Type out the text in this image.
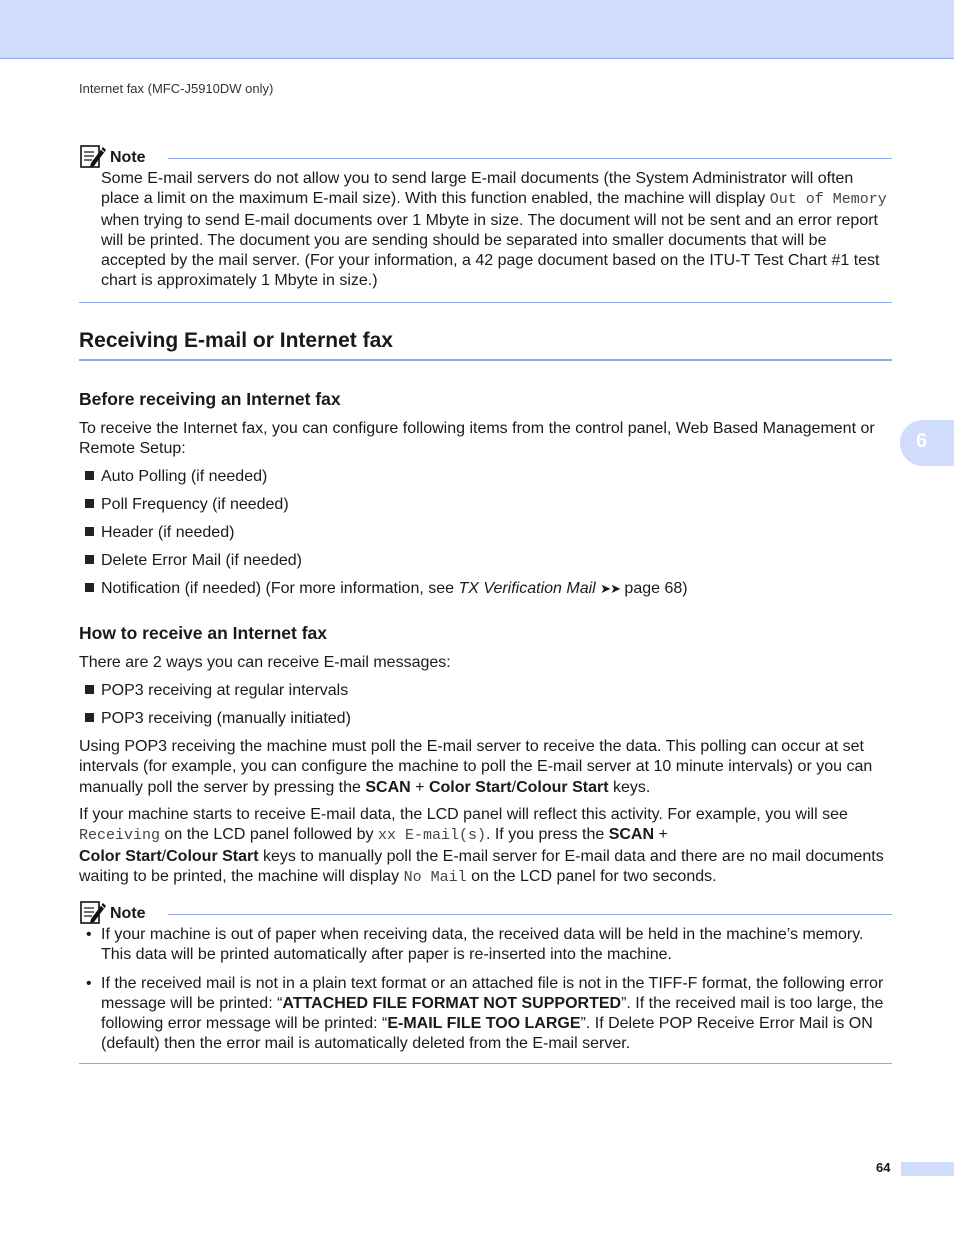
Internet fax (MFC-J5910DW only)
Note
Some E-mail servers do not allow you to send large E-mail documents (the System Administrator will often place a limit on the maximum E-mail size). With this function enabled, the machine will display Out of Memory when trying to send E-mail documents over 1 Mbyte in size. The document will not be sent and an error report will be printed. The document you are sending should be separated into smaller documents that will be accepted by the mail server. (For your information, a 42 page document based on the ITU-T Test Chart #1 test chart is approximately 1 Mbyte in size.)
Receiving E-mail or Internet fax
Before receiving an Internet fax
To receive the Internet fax, you can configure following items from the control panel, Web Based Management or Remote Setup:
Auto Polling (if needed)
Poll Frequency (if needed)
Header (if needed)
Delete Error Mail (if needed)
Notification (if needed) (For more information, see TX Verification Mail ➤➤ page 68)
How to receive an Internet fax
There are 2 ways you can receive E-mail messages:
POP3 receiving at regular intervals
POP3 receiving (manually initiated)
Using POP3 receiving the machine must poll the E-mail server to receive the data. This polling can occur at set intervals (for example, you can configure the machine to poll the E-mail server at 10 minute intervals) or you can manually poll the server by pressing the SCAN + Color Start/Colour Start keys.
If your machine starts to receive E-mail data, the LCD panel will reflect this activity. For example, you will see Receiving on the LCD panel followed by xx E-mail(s). If you press the SCAN +
Color Start/Colour Start keys to manually poll the E-mail server for E-mail data and there are no mail documents waiting to be printed, the machine will display No Mail on the LCD panel for two seconds.
Note
• If your machine is out of paper when receiving data, the received data will be held in the machine’s memory. This data will be printed automatically after paper is re-inserted into the machine.
• If the received mail is not in a plain text format or an attached file is not in the TIFF-F format, the following error message will be printed: “ATTACHED FILE FORMAT NOT SUPPORTED”. If the received mail is too large, the following error message will be printed: “E-MAIL FILE TOO LARGE”. If Delete POP Receive Error Mail is ON (default) then the error mail is automatically deleted from the E-mail server.
6
64
